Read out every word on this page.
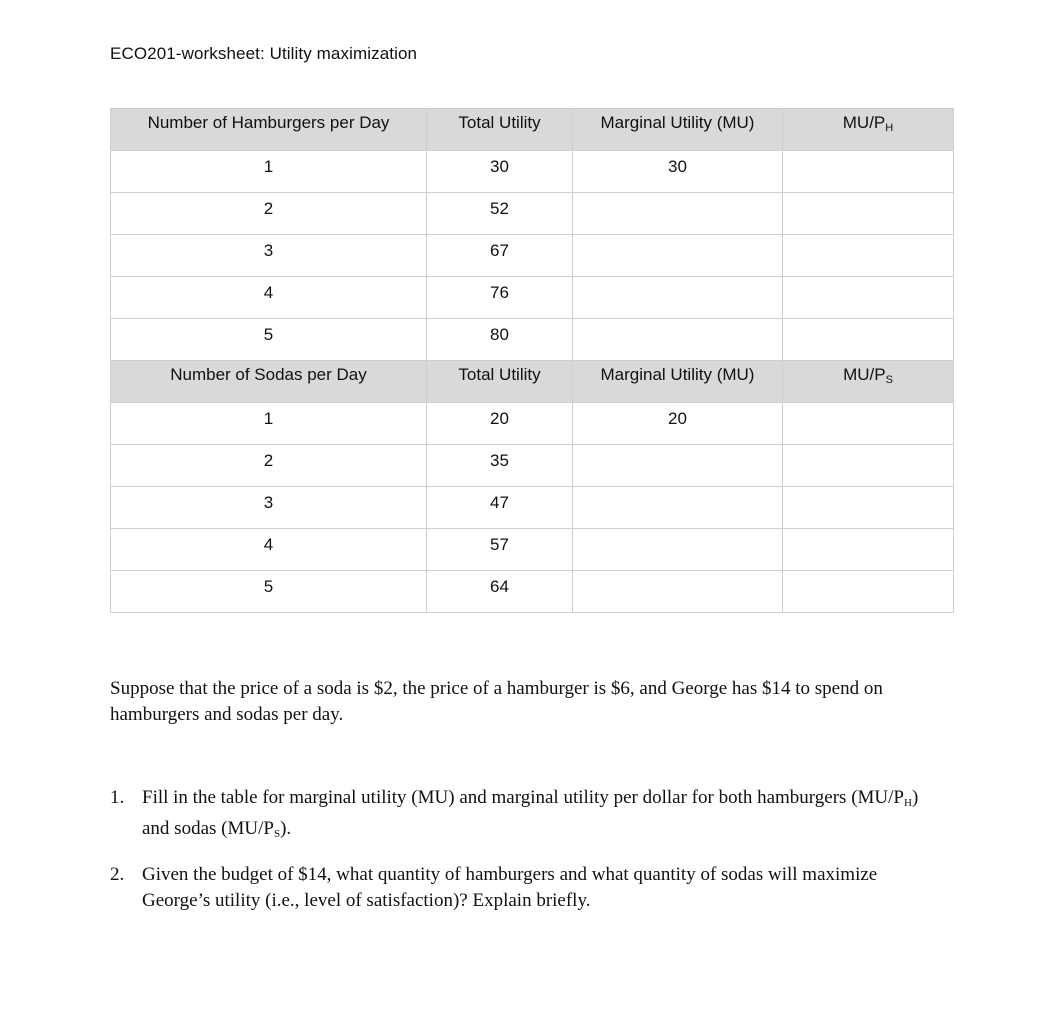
ECO201-worksheet: Utility maximization
Number of Hamburgers per Day	Total Utility	Marginal Utility (MU)	$MU/P_H$
1	30	30	
2	52		
3	67		
4	76		
5	80		
Number of Sodas per Day	Total Utility	Marginal Utility (MU)	$MU/P_S$
1	20	20	
2	35		
3	47		
4	57		
5	64		
Suppose that the price of a soda is $2, the price of a hamburger is $6, and George has $14 to spend on hamburgers and sodas per day.
1. Fill in the table for marginal utility (MU) and marginal utility per dollar for both hamburgers $(MU/P_H)$ and sodas $(MU/P_S)$.
2. Given the budget of $14, what quantity of hamburgers and what quantity of sodas will maximize George’s utility (i.e., level of satisfaction)? Explain briefly.
